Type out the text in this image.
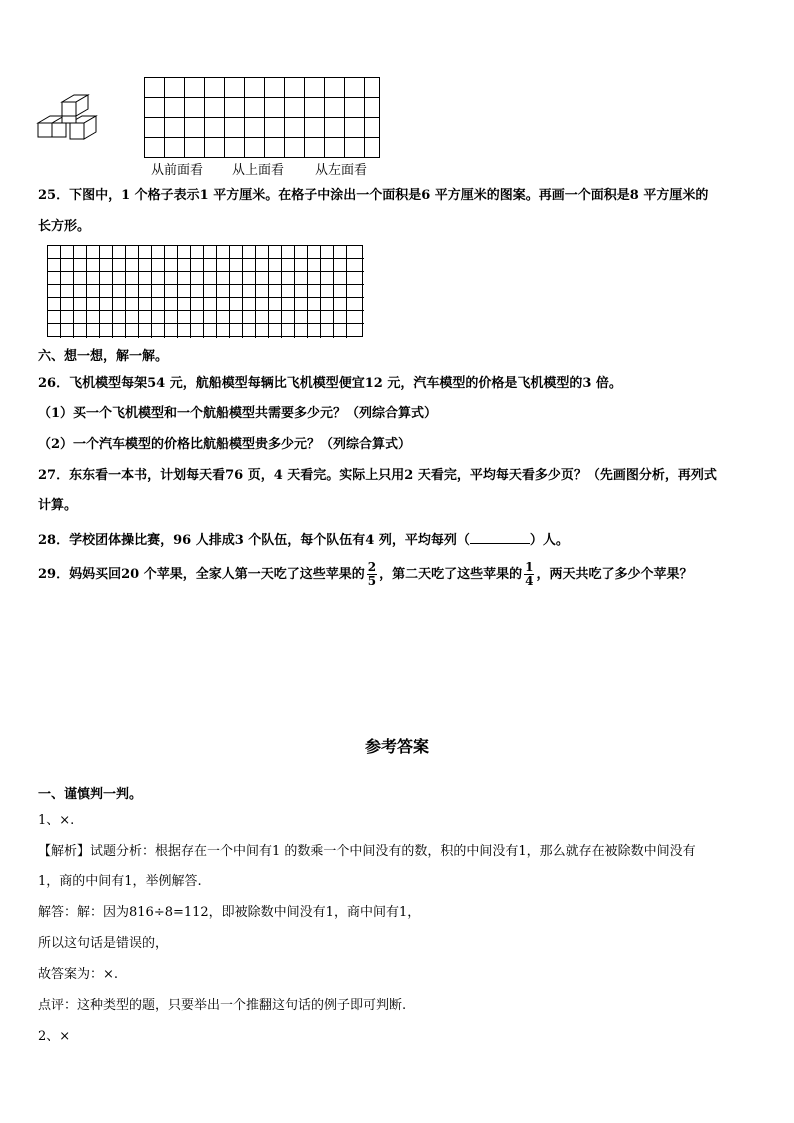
从前面看 从上面看 从左面看
25．下图中，1 个格子表示1 平方厘米。在格子中涂出一个面积是6 平方厘米的图案。再画一个面积是8 平方厘米的
长方形。
六、想一想，解一解。
26．飞机模型每架54 元，航船模型每辆比飞机模型便宜12 元，汽车模型的价格是飞机模型的3 倍。
（1）买一个飞机模型和一个航船模型共需要多少元？（列综合算式）
（2）一个汽车模型的价格比航船模型贵多少元？（列综合算式）
27．东东看一本书，计划每天看76 页，4 天看完。实际上只用2 天看完，平均每天看多少页？（先画图分析，再列式
计算。
28．学校团体操比赛，96 人排成3 个队伍，每个队伍有4 列，平均每列（	）人。
29．妈妈买回20 个苹果，全家人第一天吃了这些苹果的 $\frac{2}{5}$ ，第二天吃了这些苹果的 $\frac{1}{4}$ ，两天共吃了多少个苹果？
参考答案
一、谨慎判一判。
1、×.
【解析】试题分析：根据存在一个中间有1 的数乘一个中间没有的数，积的中间没有1，那么就存在被除数中间没有
1，商的中间有1，举例解答.
解答：解：因为816÷8=112，即被除数中间没有1，商中间有1，
所以这句话是错误的，
故答案为：×.
点评：这种类型的题，只要举出一个推翻这句话的例子即可判断.
2、×
